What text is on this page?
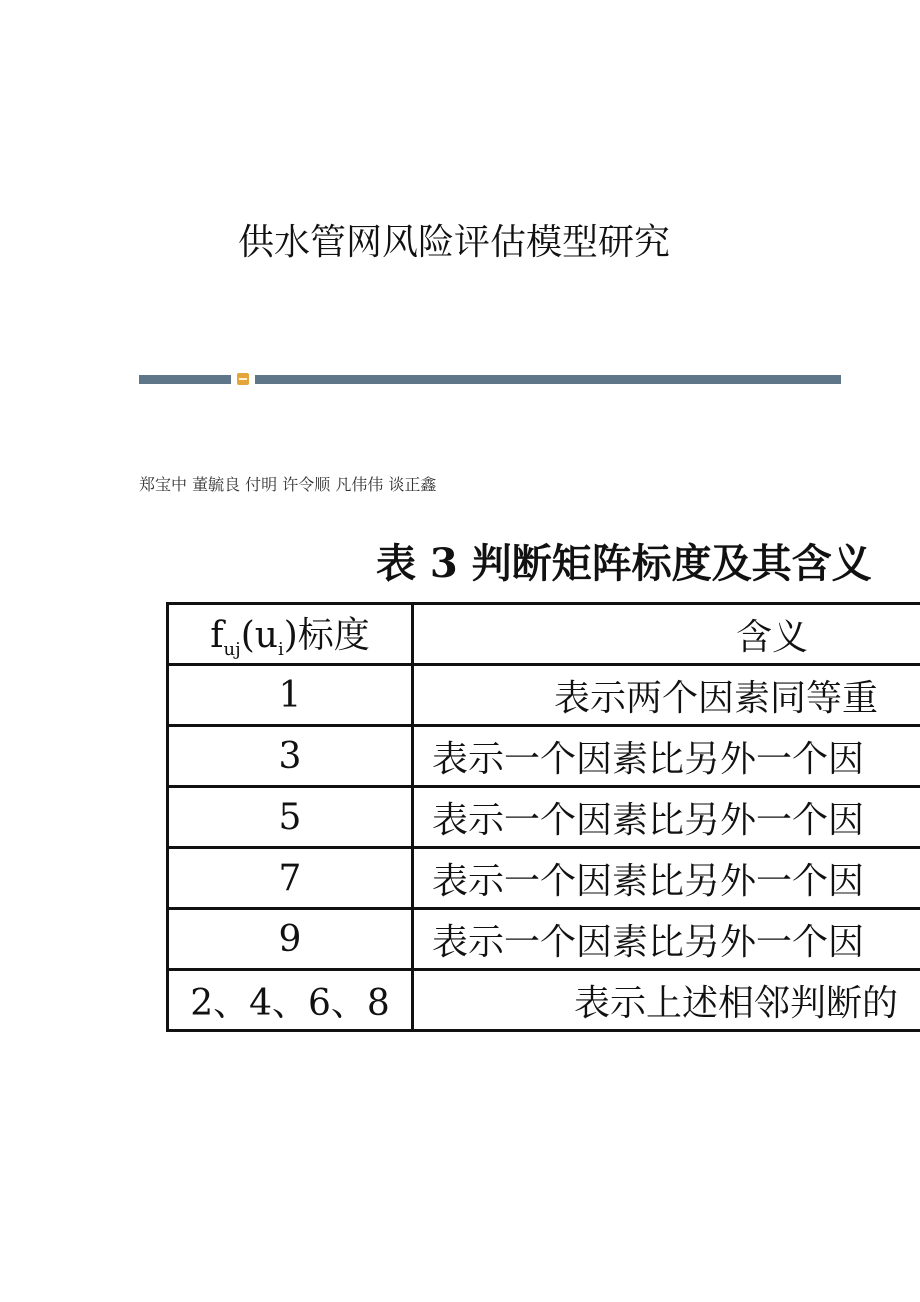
供水管网风险评估模型研究
郑宝中 董毓良 付明 许令顺 凡伟伟 谈正鑫
表 3 判断矩阵标度及其含义
$f_{uj}(u_i)$标度	含义
1	表示两个因素同等重
3	表示一个因素比另外一个因
5	表示一个因素比另外一个因
7	表示一个因素比另外一个因
9	表示一个因素比另外一个因
2、4、6、8	表示上述相邻判断的
